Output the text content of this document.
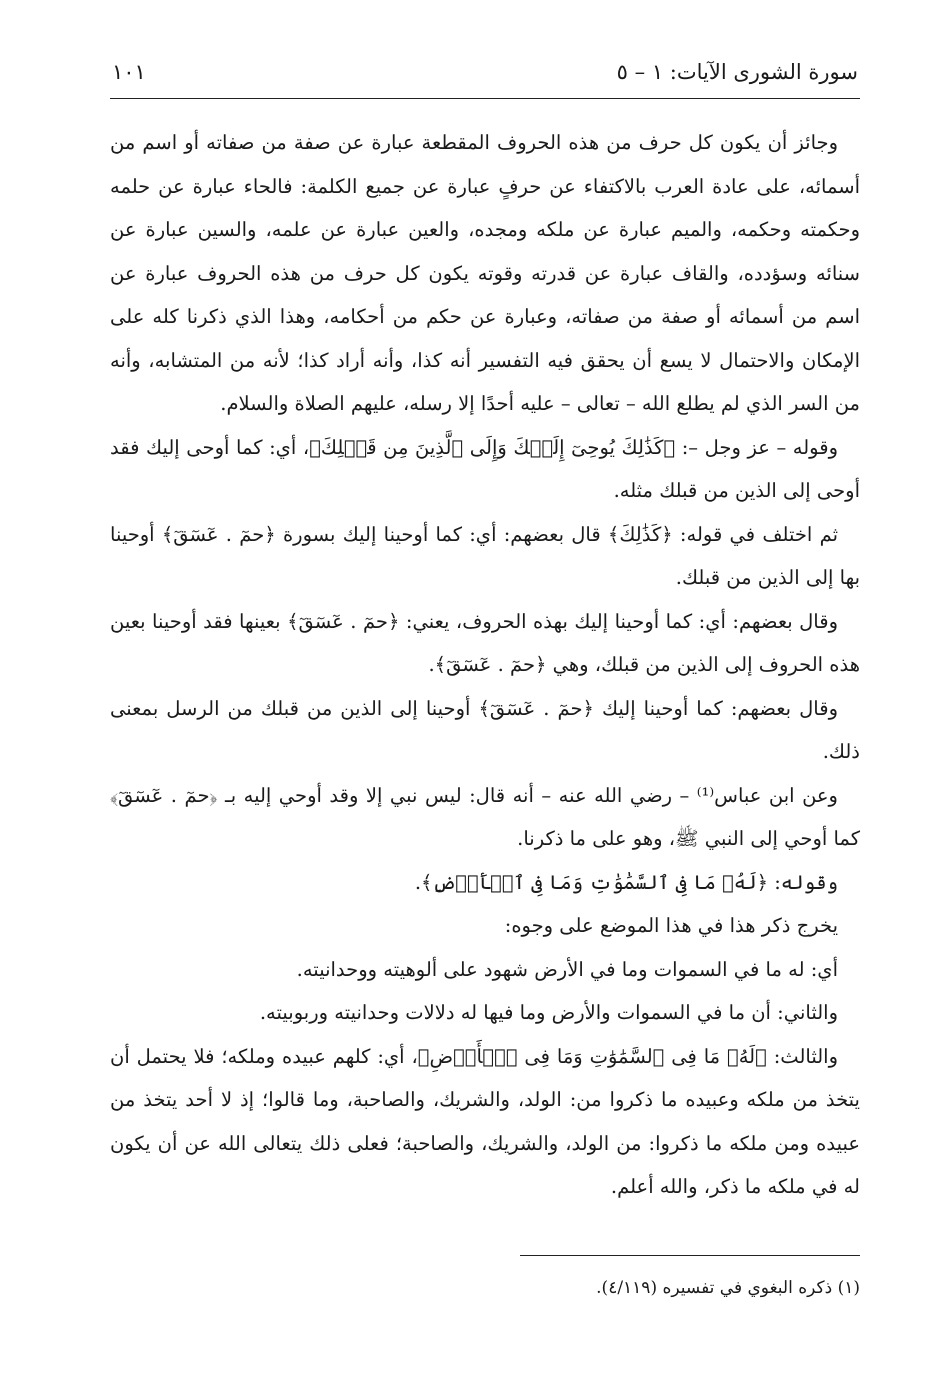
سورة الشورى الآيات: ١ – ٥
١٠١

وجائز أن يكون كل حرف من هذه الحروف المقطعة عبارة عن صفة من صفاته أو اسم من أسمائه، على عادة العرب بالاكتفاء عن حرفٍ عبارة عن جميع الكلمة: فالحاء عبارة عن حلمه وحكمته وحكمه، والميم عبارة عن ملكه ومجده، والعين عبارة عن علمه، والسين عبارة عن سنائه وسؤدده، والقاف عبارة عن قدرته وقوته يكون كل حرف من هذه الحروف عبارة عن اسم من أسمائه أو صفة من صفاته، وعبارة عن حكم من أحكامه، وهذا الذي ذكرنا كله على الإمكان والاحتمال لا يسع أن يحقق فيه التفسير أنه كذا، وأنه أراد كذا؛ لأنه من المتشابه، وأنه من السر الذي لم يطلع الله – تعالى – عليه أحدًا إلا رسله، عليهم الصلاة والسلام.

وقوله – عز وجل –: ﴿كَذَٰلِكَ يُوحِىٓ إِلَيۡكَ وَإِلَى ٱلَّذِينَ مِن قَبۡلِكَ﴾، أي: كما أوحى إليك فقد أوحى إلى الذين من قبلك مثله.

ثم اختلف في قوله: ﴿كَذَٰلِكَ﴾ قال بعضهم: أي: كما أوحينا إليك بسورة ﴿حمٓ . عٓسٓقٓ﴾ أوحينا بها إلى الذين من قبلك.

وقال بعضهم: أي: كما أوحينا إليك بهذه الحروف، يعني: ﴿حمٓ . عٓسٓقٓ﴾ بعينها فقد أوحينا بعين هذه الحروف إلى الذين من قبلك، وهي ﴿حمٓ . عٓسٓقٓ﴾.

وقال بعضهم: كما أوحينا إليك ﴿حمٓ . عٓسٓقٓ﴾ أوحينا إلى الذين من قبلك من الرسل بمعنى ذلك.

وعن ابن عباس⁽¹⁾ – رضي الله عنه – أنه قال: ليس نبي إلا وقد أوحي إليه بـ ﴿حمٓ . عٓسٓقٓ﴾ كما أوحي إلى النبي ﷺ، وهو على ما ذكرنا.

وقوله: ﴿لَهُۥ مَا فِى ٱلسَّمَٰوَٰتِ وَمَا فِى ٱلۡأَرۡضِ﴾.

يخرج ذكر هذا في هذا الموضع على وجوه:

أي: له ما في السموات وما في الأرض شهود على ألوهيته ووحدانيته.

والثاني: أن ما في السموات والأرض وما فيها له دلالات وحدانيته وربوبيته.

والثالث: ﴿لَهُۥ مَا فِى ٱلسَّمَٰوَٰتِ وَمَا فِى ٱلۡأَرۡضِ﴾، أي: كلهم عبيده وملكه؛ فلا يحتمل أن يتخذ من ملكه وعبيده ما ذكروا من: الولد، والشريك، والصاحبة، وما قالوا؛ إذ لا أحد يتخذ من عبيده ومن ملكه ما ذكروا: من الولد، والشريك، والصاحبة؛ فعلى ذلك يتعالى الله عن أن يكون له في ملكه ما ذكر، والله أعلم.

(١) ذكره البغوي في تفسيره (٤/١١٩).
